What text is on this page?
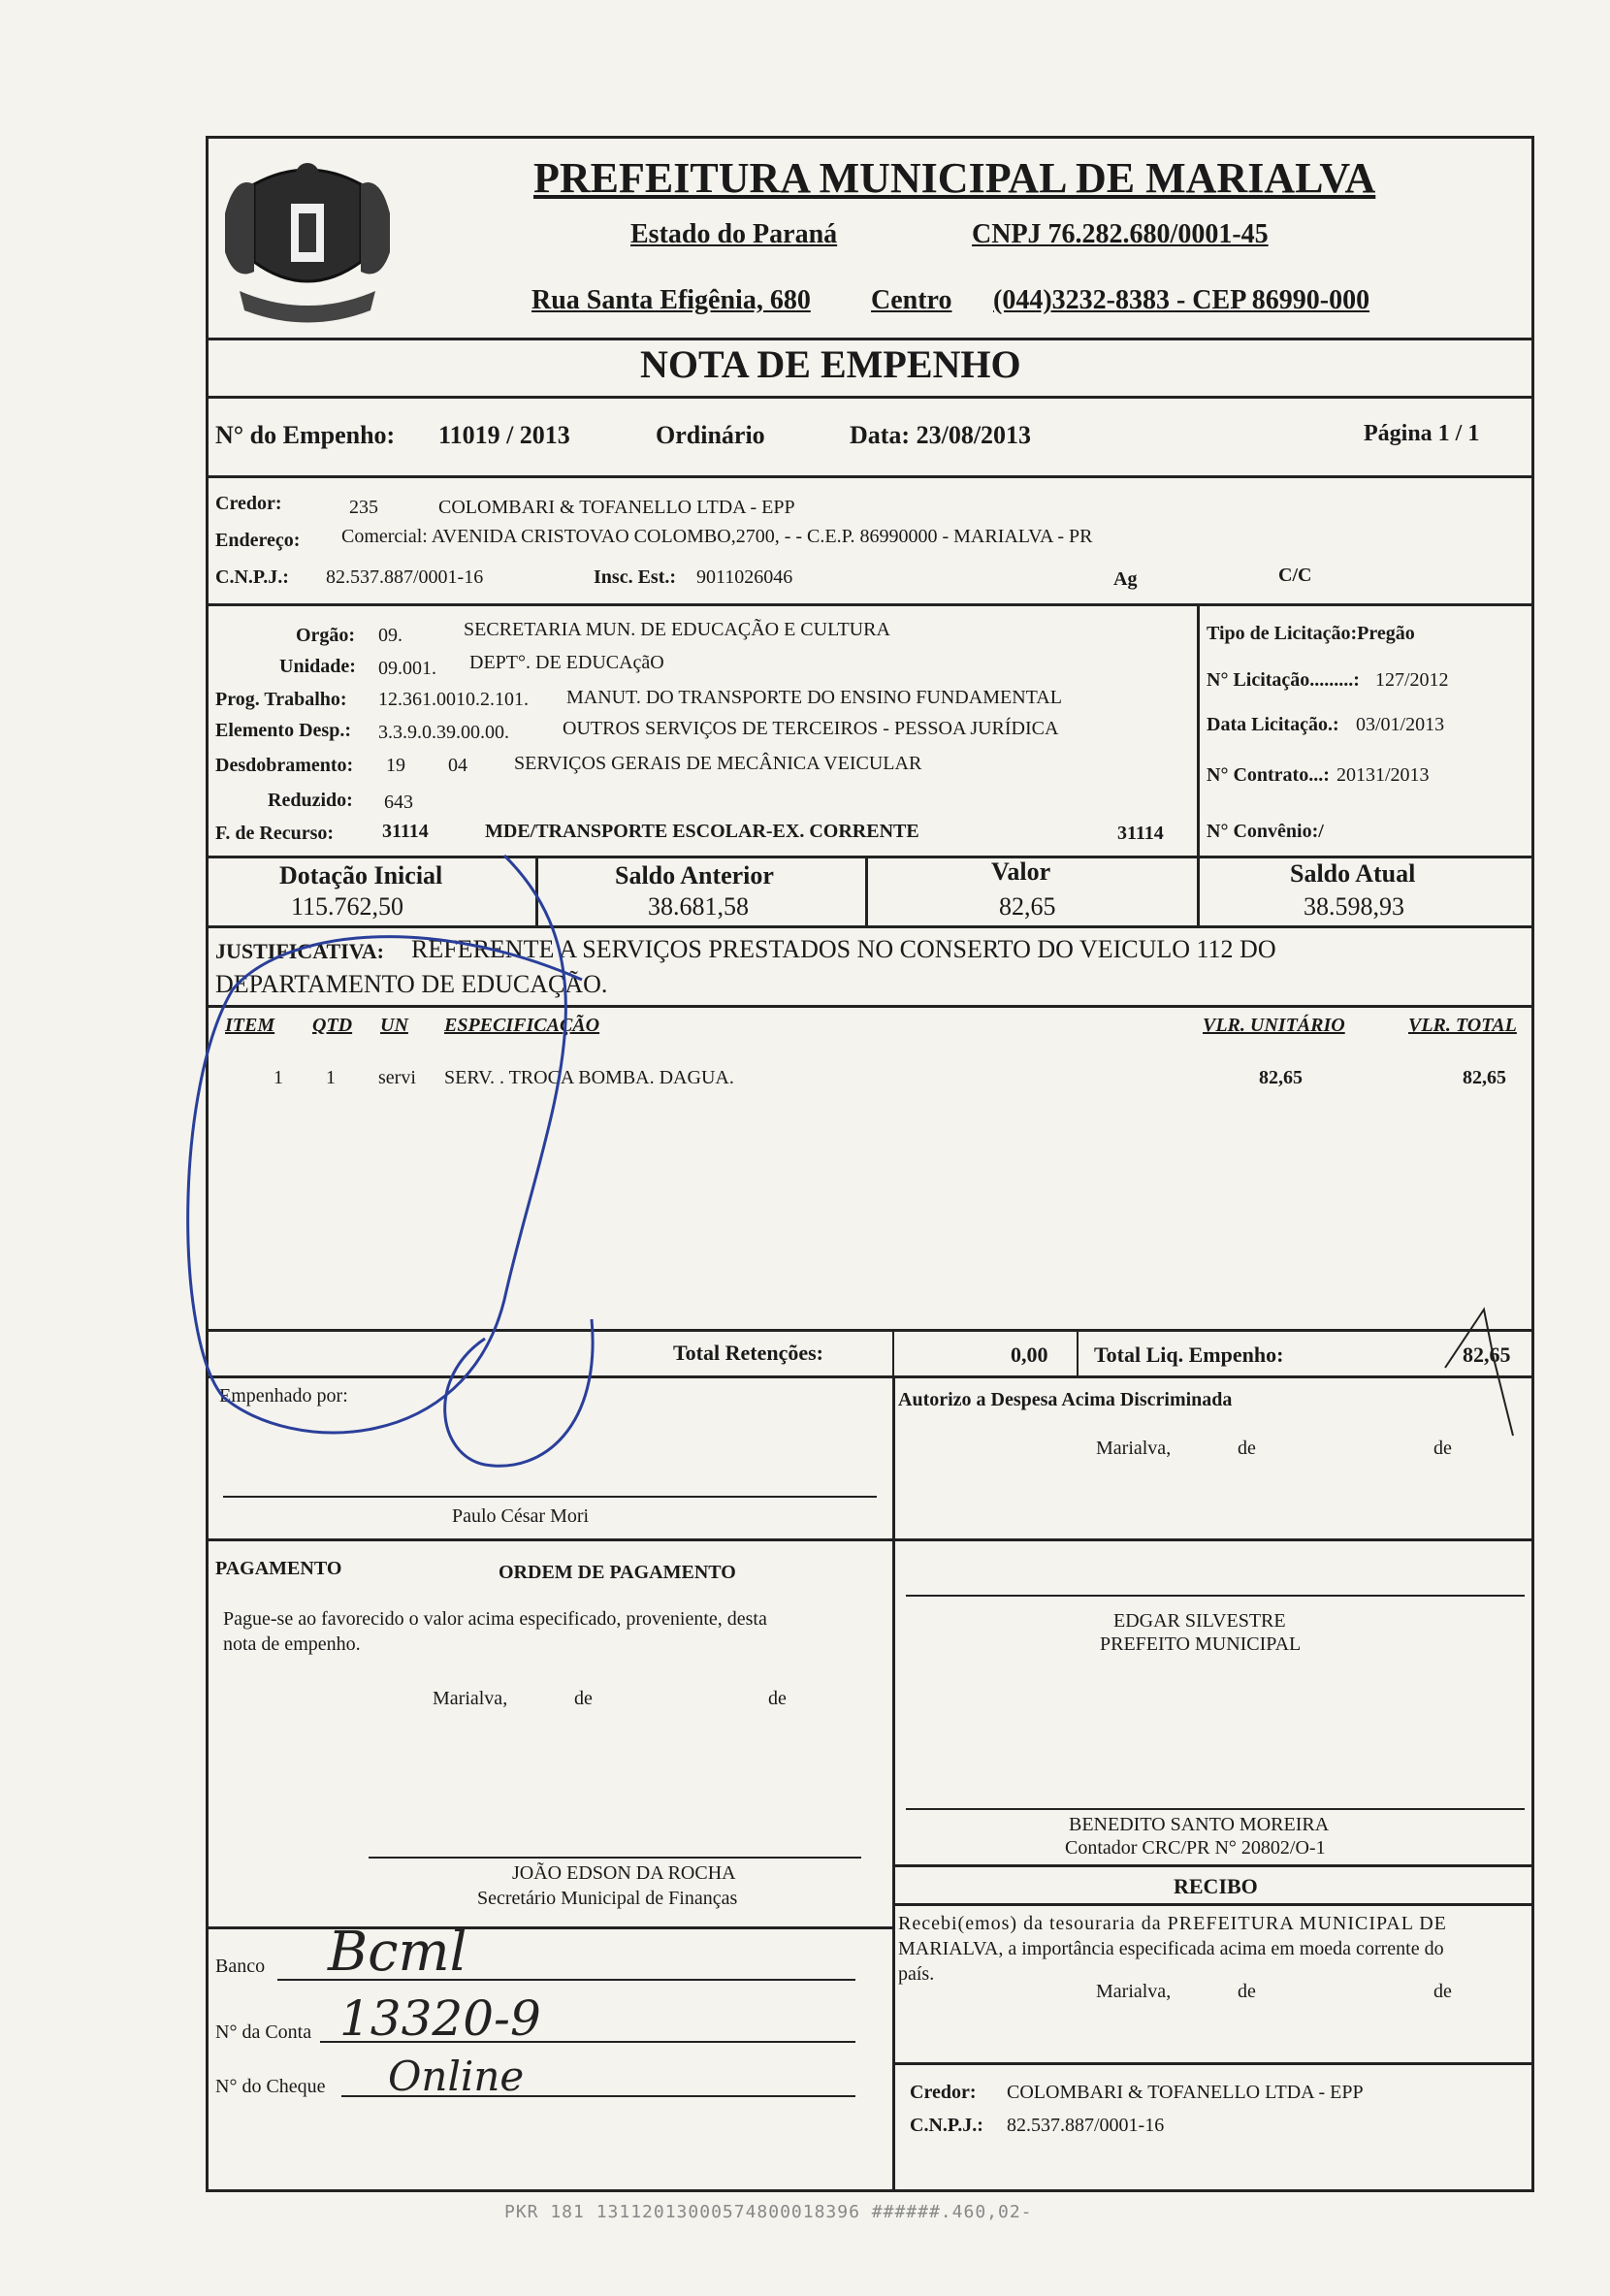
PREFEITURA MUNICIPAL DE MARIALVA
Estado do Paraná	CNPJ 76.282.680/0001-45
Rua Santa Efigênia, 680 Centro (044)3232-8383 - CEP 86990-000
NOTA DE EMPENHO
N° do Empenho: 11019 / 2013	Ordinário	Data: 23/08/2013	Página 1 / 1
Credor:	235	COLOMBARI & TOFANELLO LTDA - EPP
Endereço: Comercial: AVENIDA CRISTOVAO COLOMBO,2700, - - C.E.P. 86990000 - MARIALVA - PR
C.N.P.J.: 82.537.887/0001-16	Insc. Est.: 9011026046	Ag	C/C
Orgão: 09.	SECRETARIA MUN. DE EDUCAÇÃO E CULTURA
Unidade: 09.001. DEPT°. DE EDUCAçãO
Prog. Trabalho: 12.361.0010.2.101. MANUT. DO TRANSPORTE DO ENSINO FUNDAMENTAL
Elemento Desp.: 3.3.9.0.39.00.00.	OUTROS SERVIÇOS DE TERCEIROS - PESSOA JURÍDICA
Desdobramento: 19 04 SERVIÇOS GERAIS DE MECÂNICA VEICULAR
Reduzido: 643
F. de Recurso: 31114	MDE/TRANSPORTE ESCOLAR-EX. CORRENTE	31114
Tipo de Licitação:Pregão
N° Licitação.........: 127/2012
Data Licitação.: 03/01/2013
N° Contrato...: 20131/2013
N° Convênio:/
Dotação Inicial
115.762,50
Saldo Anterior
38.681,58
Valor
82,65
Saldo Atual
38.598,93
JUSTIFICATIVA: REFERENTE A SERVIÇOS PRESTADOS NO CONSERTO DO VEICULO 112 DO
DEPARTAMENTO DE EDUCAÇÃO.
ITEM QTD UN ESPECIFICAÇÃO	VLR. UNITÁRIO	VLR. TOTAL
1 1 servi SERV. . TROCA BOMBA. DAGUA.	82,65	82,65
Total Retenções:	0,00 Total Liq. Empenho:	82,65
Empenhado por:
Paulo César Mori
Autorizo a Despesa Acima Discriminada
Marialva,	de	de
PAGAMENTO	ORDEM DE PAGAMENTO
Pague-se ao favorecido o valor acima especificado, proveniente, desta
nota de empenho.
Marialva,	de	de
EDGAR SILVESTRE
PREFEITO MUNICIPAL
BENEDITO SANTO MOREIRA
Contador CRC/PR N° 20802/O-1
RECIBO
Recebi(emos) da tesouraria da PREFEITURA MUNICIPAL DE
MARIALVA, a importância especificada acima em moeda corrente do
país.
Marialva,	de	de
Credor: COLOMBARI & TOFANELLO LTDA - EPP
C.N.P.J.: 82.537.887/0001-16
JOÃO EDSON DA ROCHA
Secretário Municipal de Finanças
Banco Bcml
N° da Conta 13320-9
N° do Cheque Online
PKR 181 13112013000574800018396 ######.460,02-
